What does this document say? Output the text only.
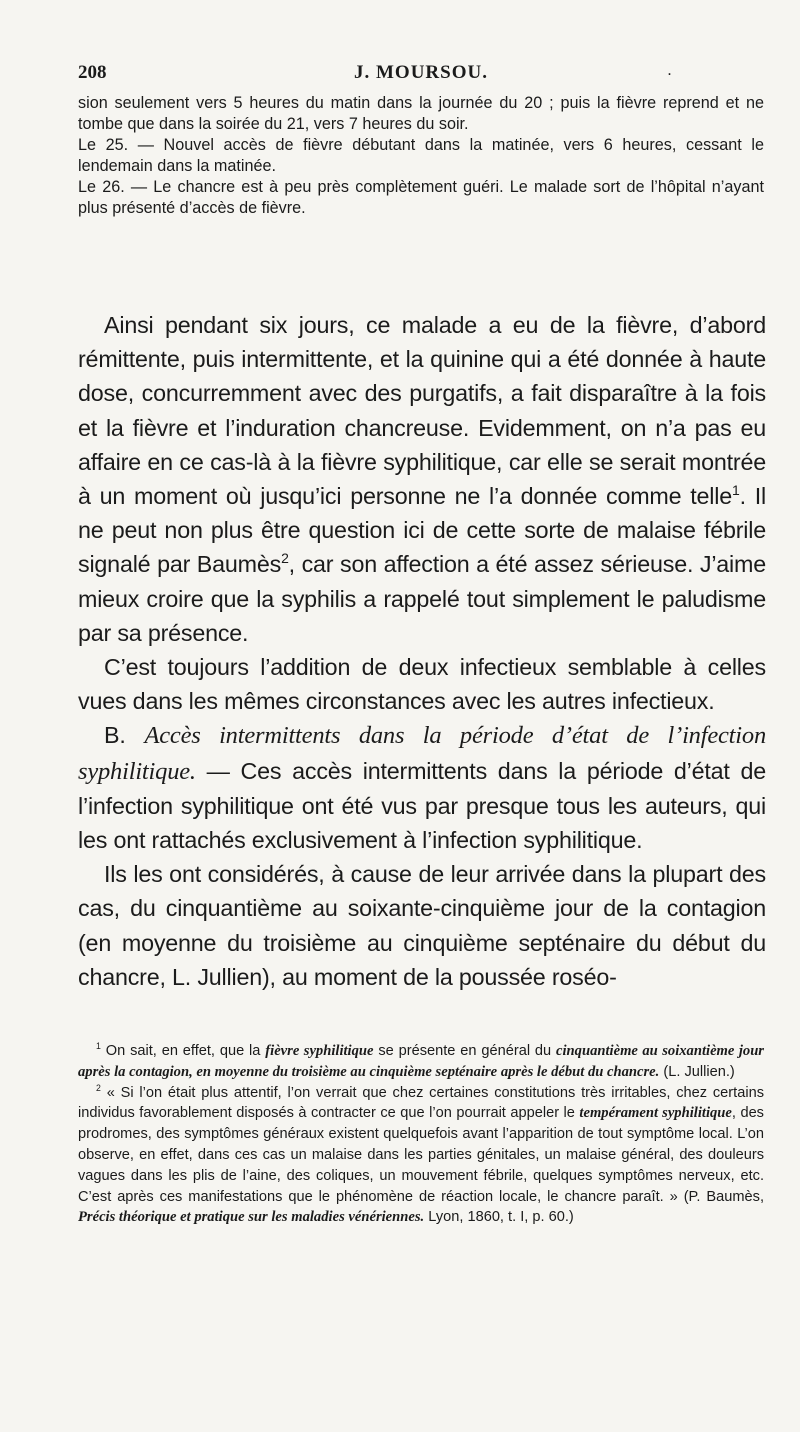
208	J. MOURSOU.	.

sion seulement vers 5 heures du matin dans la journée du 20 ; puis la fièvre reprend et ne tombe que dans la soirée du 21, vers 7 heures du soir.

Le 25. — Nouvel accès de fièvre débutant dans la matinée, vers 6 heures, cessant le lendemain dans la matinée.

Le 26. — Le chancre est à peu près complètement guéri. Le malade sort de l’hôpital n’ayant plus présenté d’accès de fièvre.

Ainsi pendant six jours, ce malade a eu de la fièvre, d’abord rémittente, puis intermittente, et la quinine qui a été donnée à haute dose, concurremment avec des purgatifs, a fait disparaître à la fois et la fièvre et l’induration chancreuse. Evidemment, on n’a pas eu affaire en ce cas-là à la fièvre syphilitique, car elle se serait montrée à un moment où jusqu’ici personne ne l’a donnée comme telle$^1$. Il ne peut non plus être question ici de cette sorte de malaise fébrile signalé par Baumès$^2$, car son affection a été assez sérieuse. J’aime mieux croire que la syphilis a rappelé tout simplement le paludisme par sa présence.

C’est toujours l’addition de deux infectieux semblable à celles vues dans les mêmes circonstances avec les autres infectieux.

B. Accès intermittents dans la période d’état de l’infection syphilitique. — Ces accès intermittents dans la période d’état de l’infection syphilitique ont été vus par presque tous les auteurs, qui les ont rattachés exclusivement à l’infection syphilitique.

Ils les ont considérés, à cause de leur arrivée dans la plupart des cas, du cinquantième au soixante-cinquième jour de la contagion (en moyenne du troisième au cinquième septénaire du début du chancre, L. Jullien), au moment de la poussée roséo-

$^1$ On sait, en effet, que la fièvre syphilitique se présente en général du cinquantième au soixantième jour après la contagion, en moyenne du troisième au cinquième septénaire après le début du chancre. (L. Jullien.)

$^2$ « Si l’on était plus attentif, l’on verrait que chez certaines constitutions très irritables, chez certains individus favorablement disposés à contracter ce que l’on pourrait appeler le tempérament syphilitique, des prodromes, des symptômes généraux existent quelquefois avant l’apparition de tout symptôme local. L’on observe, en effet, dans ces cas un malaise dans les parties génitales, un malaise général, des douleurs vagues dans les plis de l’aine, des coliques, un mouvement fébrile, quelques symptômes nerveux, etc. C’est après ces manifestations que le phénomène de réaction locale, le chancre paraît. » (P. Baumès, Précis théorique et pratique sur les maladies vénériennes. Lyon, 1860, t. I, p. 60.)
